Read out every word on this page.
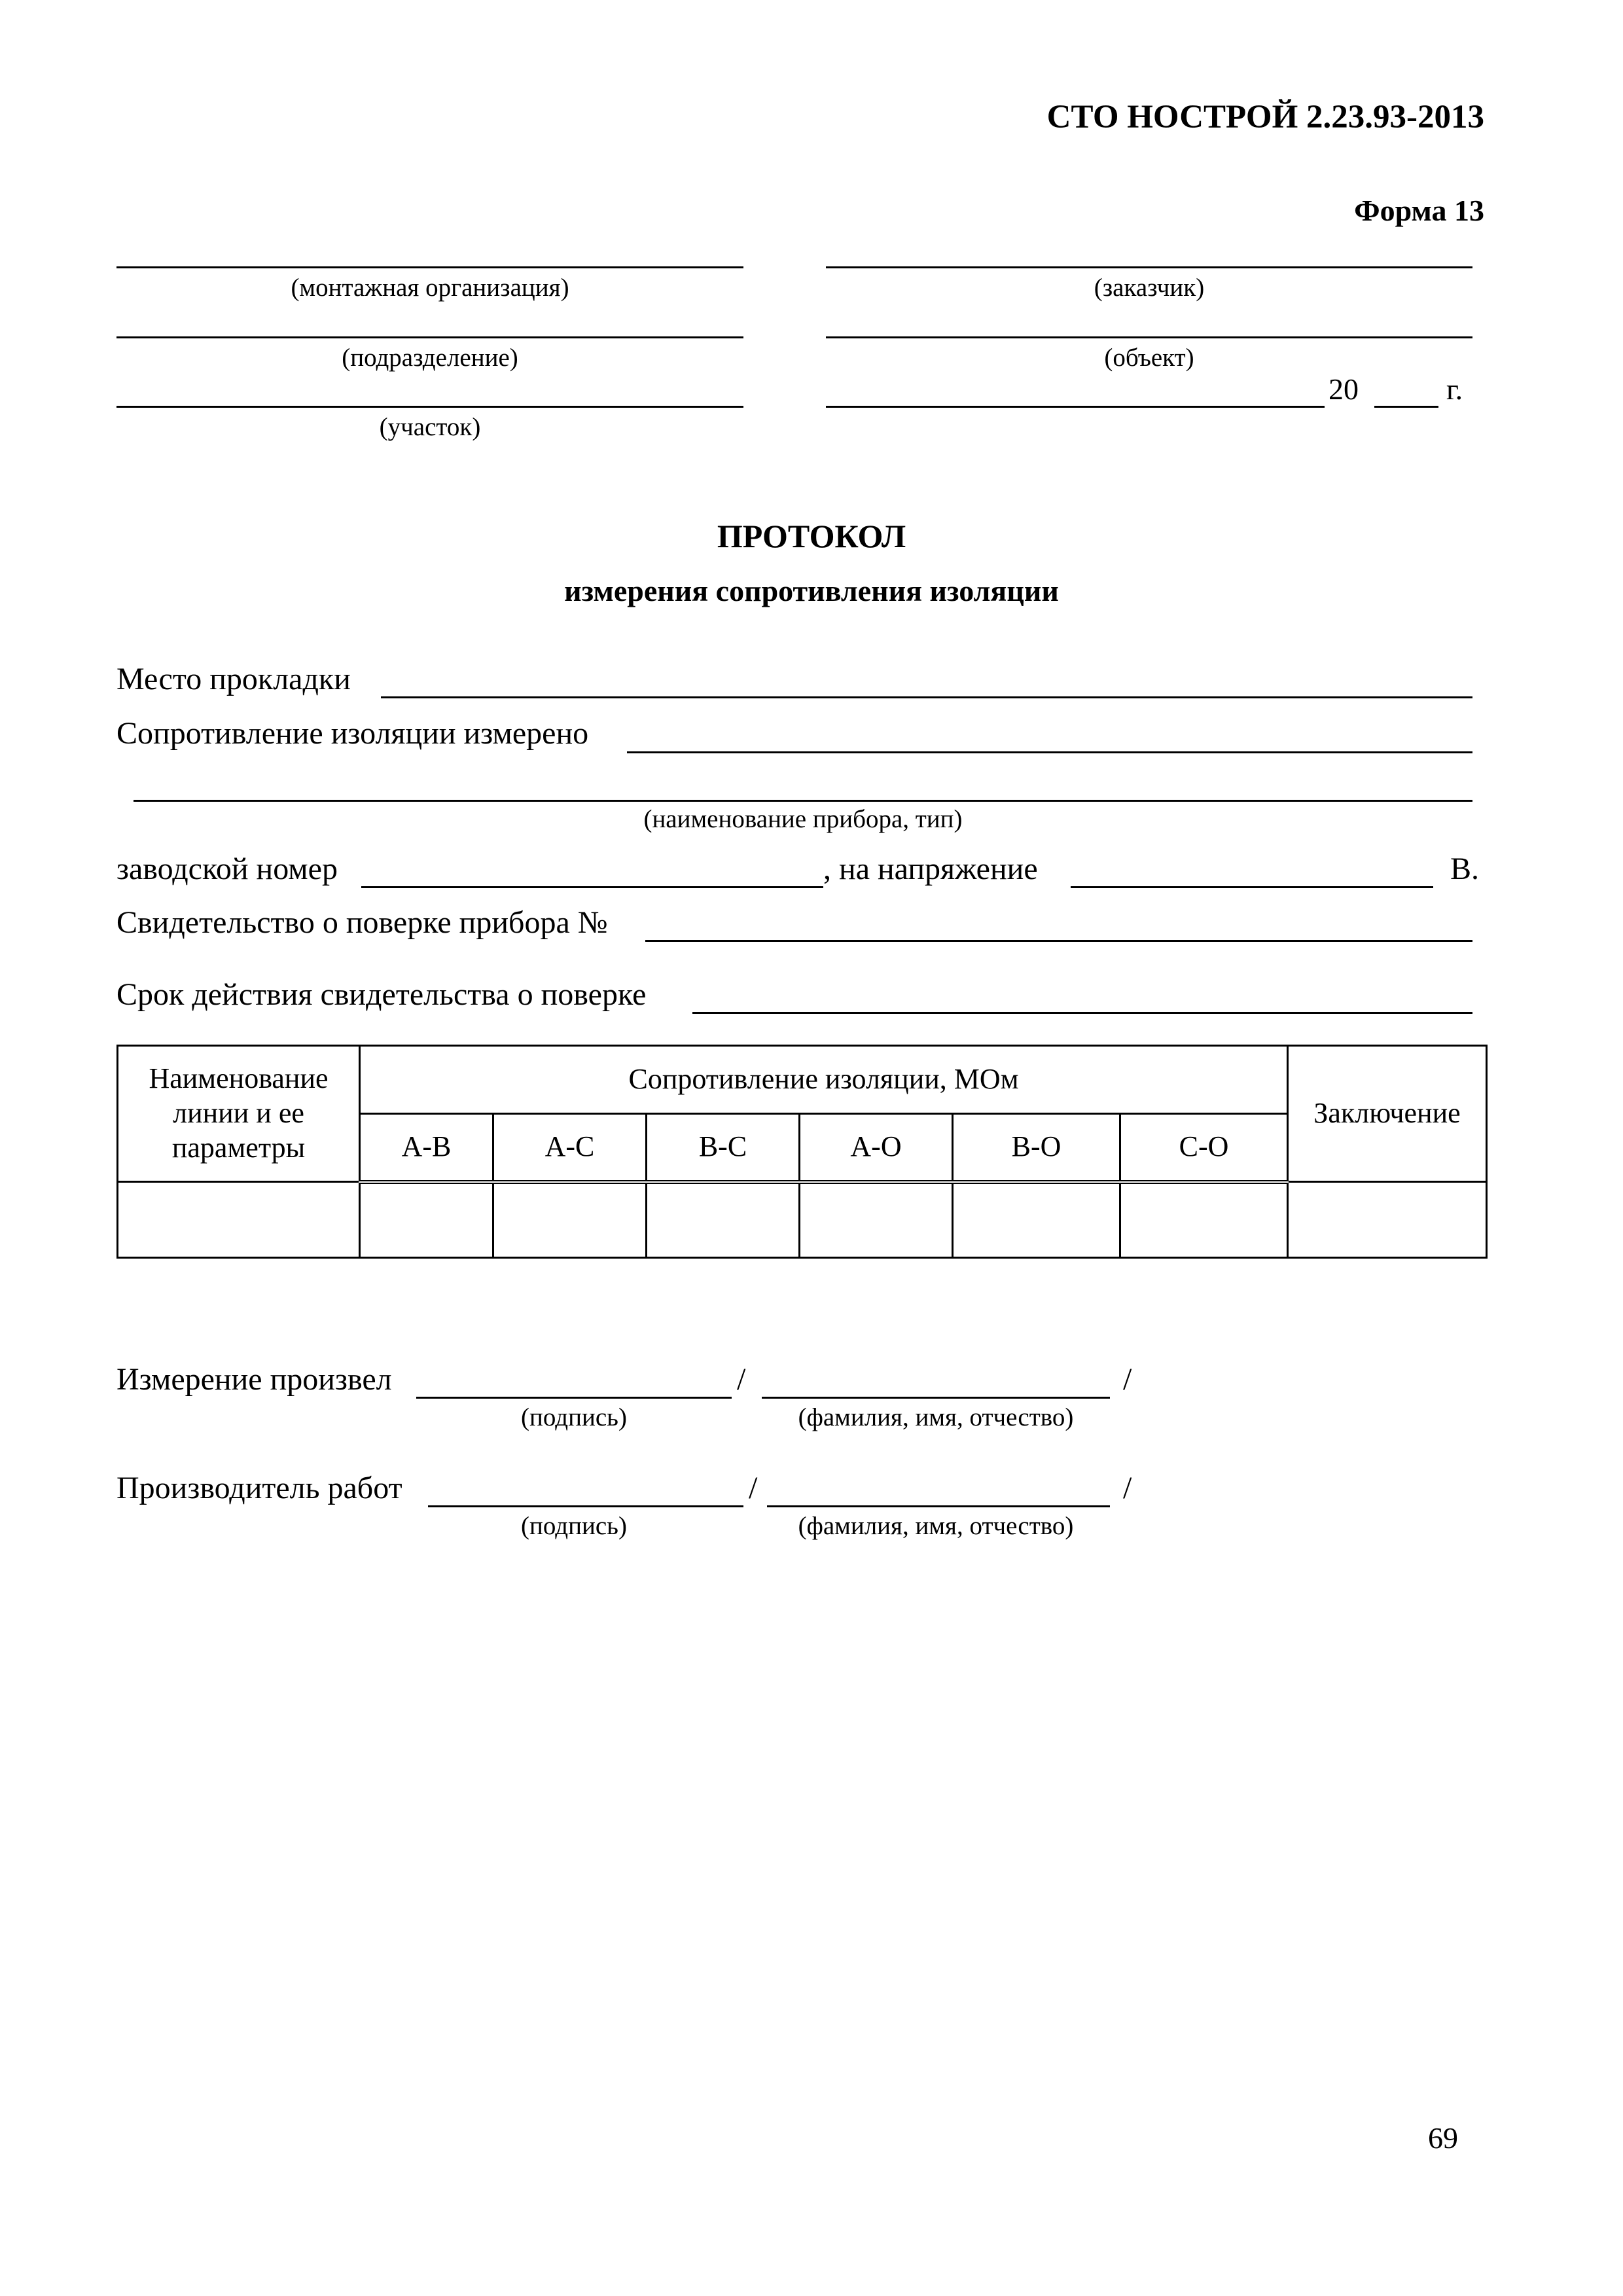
СТО НОСТРОЙ 2.23.93-2013
Форма 13
(монтажная организация)
(подразделение)
(участок)
(заказчик)
(объект)
20	г.
ПРОТОКОЛ
измерения сопротивления изоляции
Место прокладки
Сопротивление изоляции измерено
(наименование прибора, тип)
заводской номер	, на напряжение	В.
Свидетельство о поверке прибора №
Срок действия свидетельства о поверке
Наименование линии и ее параметры	Сопротивление изоляции, МОм						Заключение
	А-В	А-С	В-С	А-О	В-О	С-О	

Измерение произвел	/	/
(подпись)	(фамилия, имя, отчество)
Производитель работ	/	/
(подпись)	(фамилия, имя, отчество)
69
